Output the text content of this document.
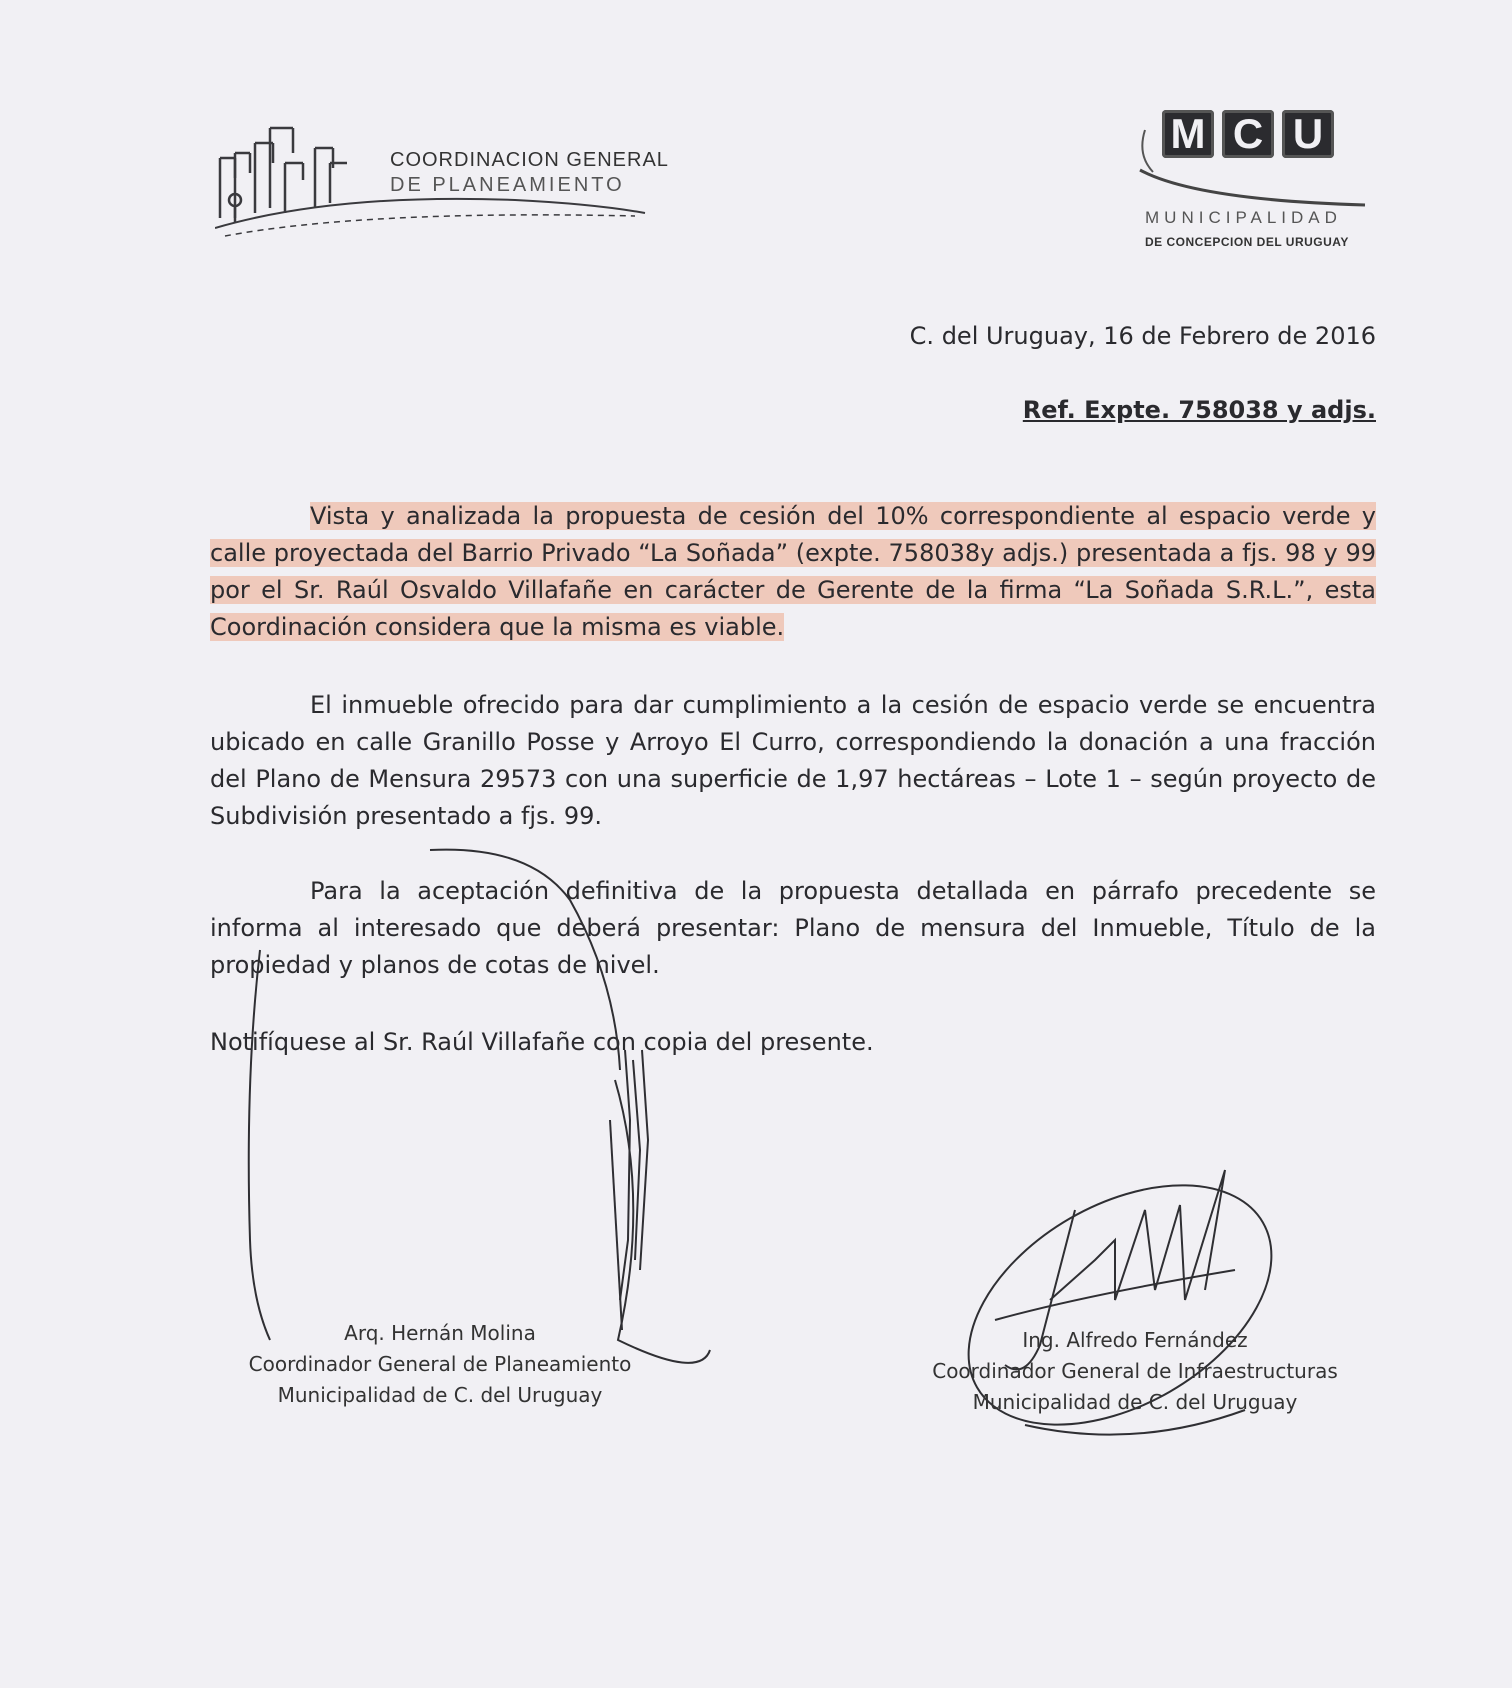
COORDINACION GENERAL
DE PLANEAMIENTO
M C U
MUNICIPALIDAD
DE CONCEPCION DEL URUGUAY
C. del Uruguay, 16 de Febrero de 2016
Ref. Expte. 758038 y adjs.

Vista y analizada la propuesta de cesión del 10% correspondiente al espacio verde y calle proyectada del Barrio Privado “La Soñada” (expte. 758038y adjs.) presentada a fjs. 98 y 99 por el Sr. Raúl Osvaldo Villafañe en carácter de Gerente de la firma “La Soñada S.R.L.”, esta Coordinación considera que la misma es viable.

El inmueble ofrecido para dar cumplimiento a la cesión de espacio verde se encuentra ubicado en calle Granillo Posse y Arroyo El Curro, correspondiendo la donación a una fracción del Plano de Mensura 29573 con una superficie de 1,97 hectáreas – Lote 1 – según proyecto de Subdivisión presentado a fjs. 99.

Para la aceptación definitiva de la propuesta detallada en párrafo precedente se informa al interesado que deberá presentar: Plano de mensura del Inmueble, Título de la propiedad y planos de cotas de nivel.

Notifíquese al Sr. Raúl Villafañe con copia del presente.

Arq. Hernán Molina
Coordinador General de Planeamiento
Municipalidad de C. del Uruguay
Ing. Alfredo Fernández
Coordinador General de Infraestructuras
Municipalidad de C. del Uruguay
